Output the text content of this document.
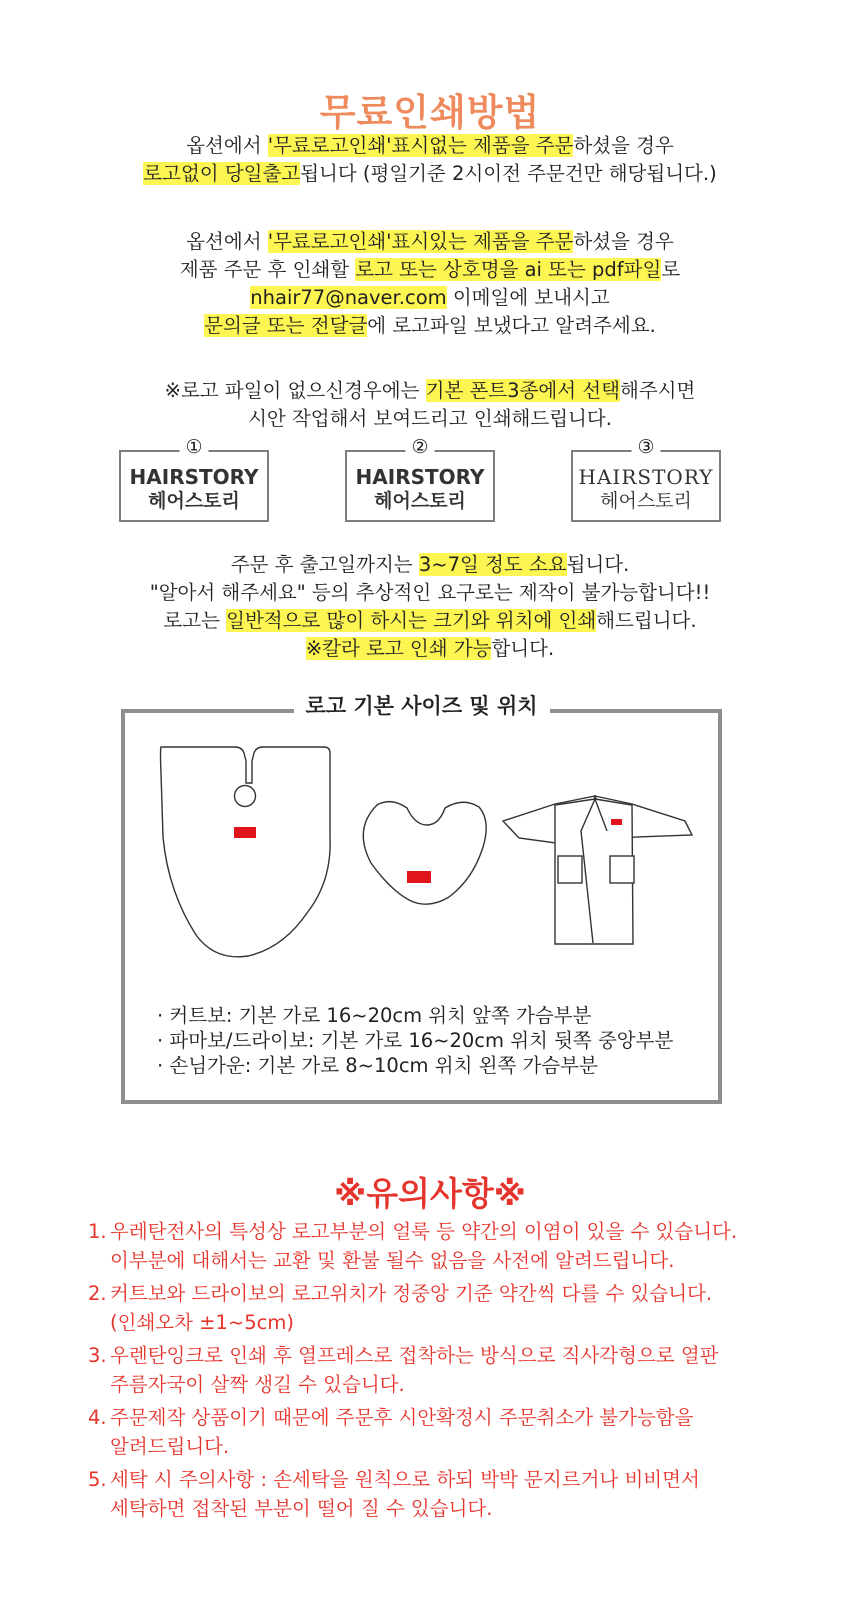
무료인쇄방법
옵션에서 '무료로고인쇄'표시없는 제품을 주문하셨을 경우
로고없이 당일출고됩니다 (평일기준 2시이전 주문건만 해당됩니다.)
옵션에서 '무료로고인쇄'표시있는 제품을 주문하셨을 경우
제품 주문 후 인쇄할 로고 또는 상호명을 ai 또는 pdf파일로
nhair77@naver.com 이메일에 보내시고
문의글 또는 전달글에 로고파일 보냈다고 알려주세요.
※로고 파일이 없으신경우에는 기본 폰트3종에서 선택해주시면
시안 작업해서 보여드리고 인쇄해드립니다.
①
HAIRSTORY
헤어스토리
②
HAIRSTORY
헤어스토리
③
HAIRSTORY
헤어스토리
주문 후 출고일까지는 3~7일 정도 소요됩니다.
"알아서 해주세요" 등의 추상적인 요구로는 제작이 불가능합니다!!
로고는 일반적으로 많이 하시는 크기와 위치에 인쇄해드립니다.
※칼라 로고 인쇄 가능합니다.
로고 기본 사이즈 및 위치
· 커트보: 기본 가로 16~20cm 위치 앞쪽 가슴부분
· 파마보/드라이보: 기본 가로 16~20cm 위치 뒷쪽 중앙부분
· 손님가운: 기본 가로 8~10cm 위치 왼쪽 가슴부분
※유의사항※
1. 우레탄전사의 특성상 로고부분의 얼룩 등 약간의 이염이 있을 수 있습니다.
이부분에 대해서는 교환 및 환불 될수 없음을 사전에 알려드립니다.
2. 커트보와 드라이보의 로고위치가 정중앙 기준 약간씩 다를 수 있습니다.
(인쇄오차 ±1~5cm)
3. 우렌탄잉크로 인쇄 후 열프레스로 접착하는 방식으로 직사각형으로 열판
주름자국이 살짝 생길 수 있습니다.
4. 주문제작 상품이기 때문에 주문후 시안확정시 주문취소가 불가능함을
알려드립니다.
5. 세탁 시 주의사항 : 손세탁을 원칙으로 하되 박박 문지르거나 비비면서
세탁하면 접착된 부분이 떨어 질 수 있습니다.
